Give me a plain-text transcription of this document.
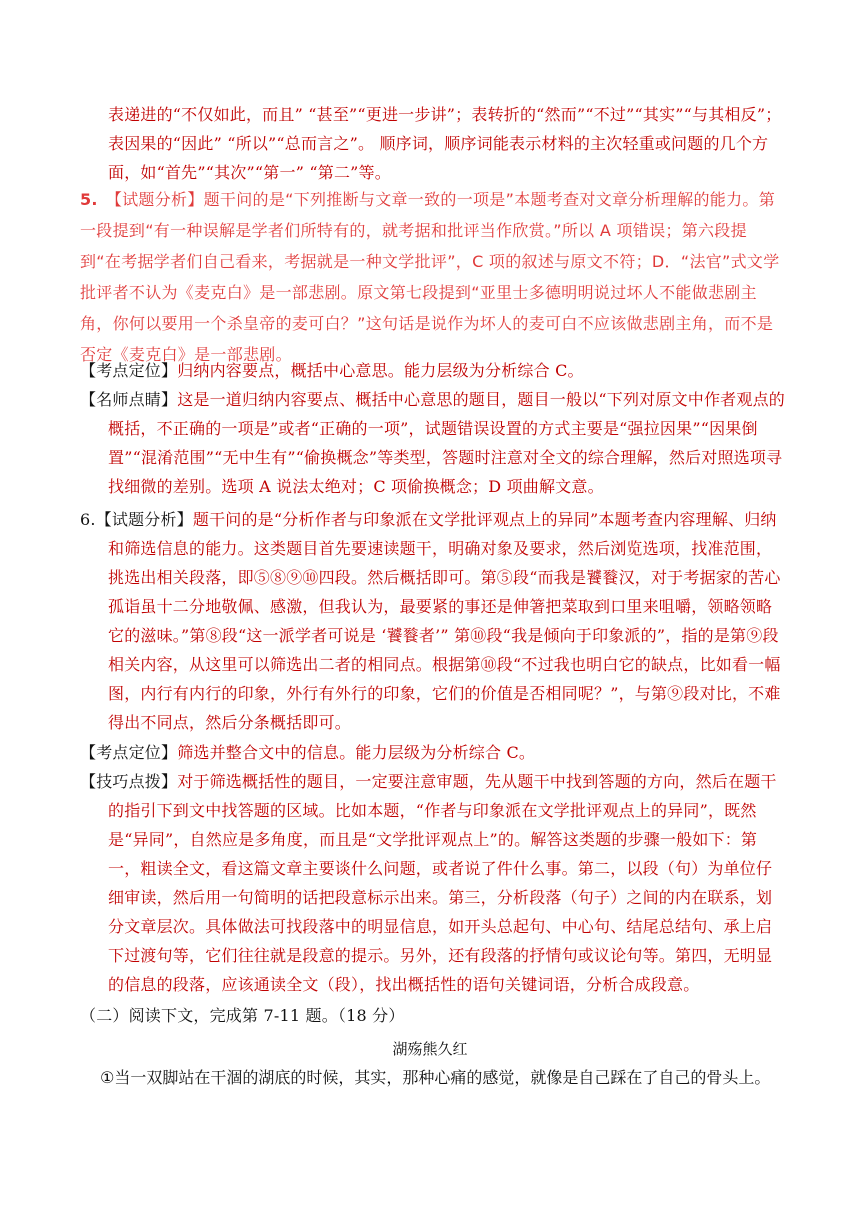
表递进的“不仅如此，而且” “甚至”“更进一步讲”；表转折的“然而”“不过”“其实”“与其相反”；表因果的“因此” “所以”“总而言之”。 顺序词，顺序词能表示材料的主次轻重或问题的几个方面，如“首先”“其次”“第一” “第二”等。
5. 【试题分析】题干问的是“下列推断与文章一致的一项是”本题考查对文章分析理解的能力。第一段提到“有一种误解是学者们所特有的，就考据和批评当作欣赏。”所以 A 项错误；第六段提到“在考据学者们自己看来，考据就是一种文学批评”，C 项的叙述与原文不符；D．“法官”式文学批评者不认为《麦克白》是一部悲剧。原文第七段提到“亚里士多德明明说过坏人不能做悲剧主角，你何以要用一个杀皇帝的麦可白？”这句话是说作为坏人的麦可白不应该做悲剧主角，而不是否定《麦克白》是一部悲剧。
【考点定位】归纳内容要点，概括中心意思。能力层级为分析综合 C。
【名师点睛】这是一道归纳内容要点、概括中心意思的题目，题目一般以“下列对原文中作者观点的概括，不正确的一项是”或者“正确的一项”，试题错误设置的方式主要是“强拉因果”“因果倒置”“混淆范围”“无中生有”“偷换概念”等类型，答题时注意对全文的综合理解，然后对照选项寻找细微的差别。选项 A 说法太绝对；C 项偷换概念；D 项曲解文意。
6.【试题分析】题干问的是“分析作者与印象派在文学批评观点上的异同”本题考查内容理解、归纳和筛选信息的能力。这类题目首先要速读题干，明确对象及要求，然后浏览选项，找准范围，挑选出相关段落，即⑤⑧⑨⑩四段。然后概括即可。第⑤段“而我是饕餮汉，对于考据家的苦心孤诣虽十二分地敬佩、感激，但我认为，最要紧的事还是伸箸把菜取到口里来咀嚼，领略领略它的滋味。”第⑧段“这一派学者可说是 ‘饕餮者’” 第⑩段“我是倾向于印象派的”，指的是第⑨段相关内容，从这里可以筛选出二者的相同点。根据第⑩段“不过我也明白它的缺点，比如看一幅图，内行有内行的印象，外行有外行的印象，它们的价值是否相同呢？”，与第⑨段对比，不难得出不同点，然后分条概括即可。
【考点定位】筛选并整合文中的信息。能力层级为分析综合 C。
【技巧点拨】对于筛选概括性的题目，一定要注意审题，先从题干中找到答题的方向，然后在题干的指引下到文中找答题的区域。比如本题，“作者与印象派在文学批评观点上的异同”，既然是“异同”，自然应是多角度，而且是“文学批评观点上”的。解答这类题的步骤一般如下：第一，粗读全文，看这篇文章主要谈什么问题，或者说了件什么事。第二，以段（句）为单位仔细审读，然后用一句简明的话把段意标示出来。第三，分析段落（句子）之间的内在联系，划分文章层次。具体做法可找段落中的明显信息，如开头总起句、中心句、结尾总结句、承上启下过渡句等，它们往往就是段意的提示。另外，还有段落的抒情句或议论句等。第四，无明显的信息的段落，应该通读全文（段），找出概括性的语句关键词语，分析合成段意。
（二）阅读下文，完成第 7-11 题。（18 分）
湖殇熊久红
①当一双脚站在干涸的湖底的时候，其实，那种心痛的感觉，就像是自己踩在了自己的骨头上。
